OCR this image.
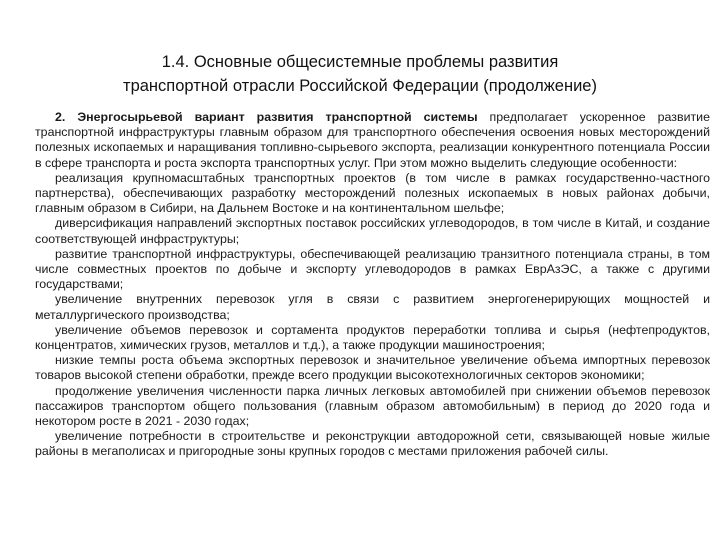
1.4. Основные общесистемные проблемы развития
транспортной отрасли Российской Федерации (продолжение)

2. Энергосырьевой вариант развития транспортной системы предполагает ускоренное развитие транспортной инфраструктуры главным образом для транспортного обеспечения освоения новых месторождений полезных ископаемых и наращивания топливно-сырьевого экспорта, реализации конкурентного потенциала России в сфере транспорта и роста экспорта транспортных услуг. При этом можно выделить следующие особенности:

реализация крупномасштабных транспортных проектов (в том числе в рамках государственно-частного партнерства), обеспечивающих разработку месторождений полезных ископаемых в новых районах добычи, главным образом в Сибири, на Дальнем Востоке и на континентальном шельфе;

диверсификация направлений экспортных поставок российских углеводородов, в том числе в Китай, и создание соответствующей инфраструктуры;

развитие транспортной инфраструктуры, обеспечивающей реализацию транзитного потенциала страны, в том числе совместных проектов по добыче и экспорту углеводородов в рамках ЕврАзЭС, а также с другими государствами;

увеличение внутренних перевозок угля в связи с развитием энергогенерирующих мощностей и металлургического производства;

увеличение объемов перевозок и сортамента продуктов переработки топлива и сырья (нефтепродуктов, концентратов, химических грузов, металлов и т.д.), а также продукции машиностроения;

низкие темпы роста объема экспортных перевозок и значительное увеличение объема импортных перевозок товаров высокой степени обработки, прежде всего продукции высокотехнологичных секторов экономики;

продолжение увеличения численности парка личных легковых автомобилей при снижении объемов перевозок пассажиров транспортом общего пользования (главным образом автомобильным) в период до 2020 года и некотором росте в 2021 - 2030 годах;

увеличение потребности в строительстве и реконструкции автодорожной сети, связывающей новые жилые районы в мегаполисах и пригородные зоны крупных городов с местами приложения рабочей силы.
